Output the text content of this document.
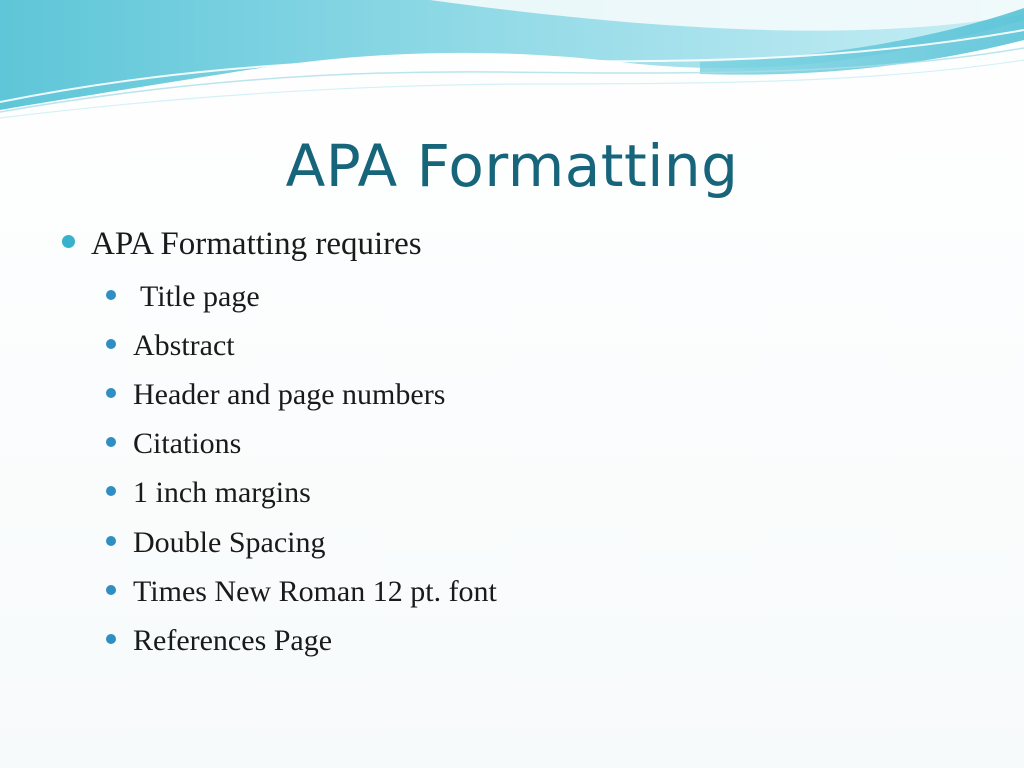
APA Formatting
APA Formatting requires
Title page
Abstract
Header and page numbers
Citations
1 inch margins
Double Spacing
Times New Roman 12 pt. font
References Page
